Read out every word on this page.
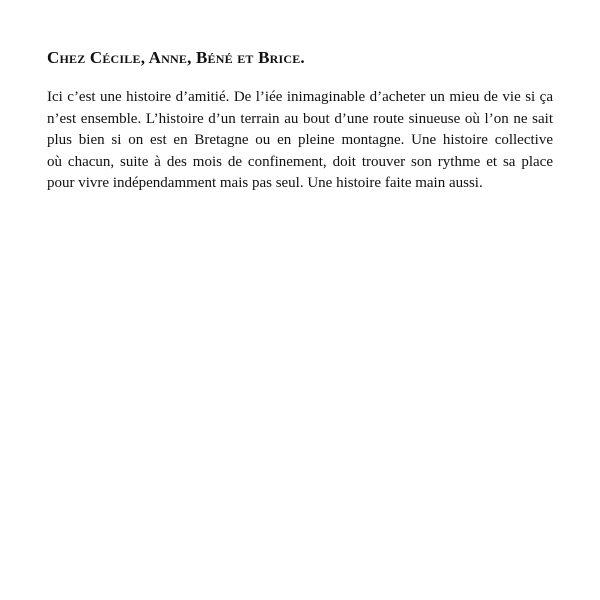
Chez Cécile, Anne, Béné et Brice.

Ici c’est une histoire d’amitié. De l’iée inimaginable d’acheter un mieu de vie si ça
n’est ensemble. L’histoire d’un terrain au bout d’une route sinueuse où l’on ne sait
plus bien si on est en Bretagne ou en pleine montagne. Une histoire collective
où chacun, suite à des mois de confinement, doit trouver son rythme et sa place
pour vivre indépendamment mais pas seul. Une histoire faite main aussi.
